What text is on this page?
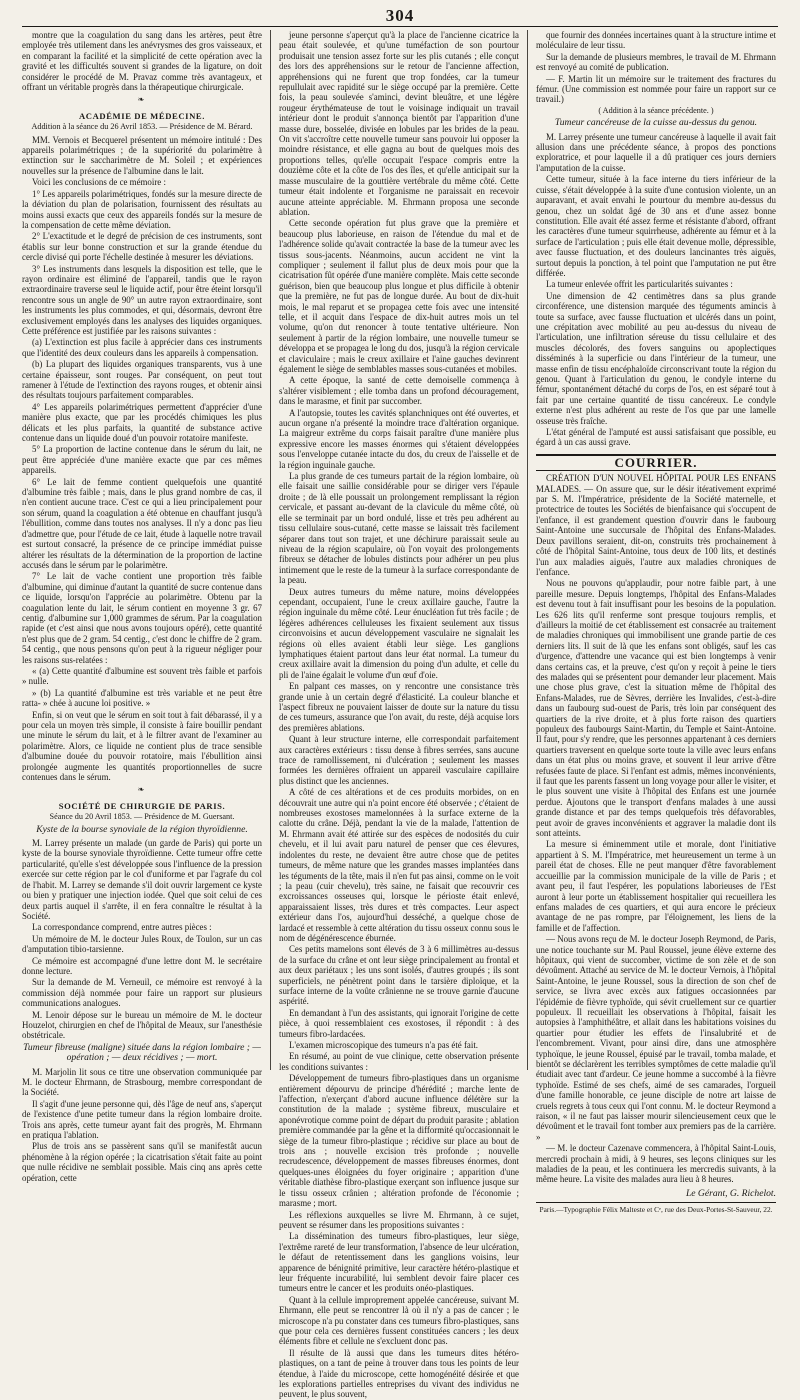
304

montre que la coagulation du sang dans les artères, peut être employée très utilement dans les anévrysmes des gros vaisseaux, et en comparant la facilité et la simplicité de cette opération avec la gravité et les difficultés souvent si grandes de la ligature, on doit considérer le procédé de M. Pravaz comme très avantageux, et offrant un véritable progrès dans la thérapeutique chirurgicale.

❧
ACADÉMIE DE MÉDECINE.
Addition à la séance du 26 Avril 1853. — Présidence de M. Bérard.

MM. Vernois et Becquerel présentent un mémoire intitulé : Des appareils polarimétriques ; de la supériorité du polarimètre à extinction sur le saccharimètre de M. Soleil ; et expériences nouvelles sur la présence de l'albumine dans le lait.

Voici les conclusions de ce mémoire :

1° Les appareils polarimétriques, fondés sur la mesure directe de la déviation du plan de polarisation, fournissent des résultats au moins aussi exacts que ceux des appareils fondés sur la mesure de la compensation de cette même déviation.

2° L'exactitude et le degré de précision de ces instruments, sont établis sur leur bonne construction et sur la grande étendue du cercle divisé qui porte l'échelle destinée à mesurer les déviations.

3° Les instruments dans lesquels la disposition est telle, que le rayon ordinaire est éliminé de l'appareil, tandis que le rayon extraordinaire traverse seul le liquide actif, pour être éteint lorsqu'il rencontre sous un angle de 90° un autre rayon extraordinaire, sont les instruments les plus commodes, et qui, désormais, devront être exclusivement employés dans les analyses des liquides organiques. Cette préférence est justifiée par les raisons suivantes :

(a) L'extinction est plus facile à apprécier dans ces instruments que l'identité des deux couleurs dans les appareils à compensation.

(b) La plupart des liquides organiques transparents, vus à une certaine épaisseur, sont rouges. Par conséquent, on peut tout ramener à l'étude de l'extinction des rayons rouges, et obtenir ainsi des résultats toujours parfaitement comparables.

4° Les appareils polarimétriques permettent d'apprécier d'une manière plus exacte, que par les procédés chimiques les plus délicats et les plus parfaits, la quantité de substance active contenue dans un liquide doué d'un pouvoir rotatoire manifeste.

5° La proportion de lactine contenue dans le sérum du lait, ne peut être appréciée d'une manière exacte que par ces mêmes appareils.

6° Le lait de femme contient quelquefois une quantité d'albumine très faible ; mais, dans le plus grand nombre de cas, il n'en contient aucune trace. C'est ce qui a lieu principalement pour son sérum, quand la coagulation a été obtenue en chauffant jusqu'à l'ébullition, comme dans toutes nos analyses. Il n'y a donc pas lieu d'admettre que, pour l'étude de ce lait, étude à laquelle notre travail est surtout consacré, la présence de ce principe immédiat puisse altérer les résultats de la détermination de la proportion de lactine accusés dans le sérum par le polarimètre.

7° Le lait de vache contient une proportion très faible d'albumine, qui diminue d'autant la quantité de sucre contenue dans ce liquide, lorsqu'on l'apprécie au polarimètre. Obtenu par la coagulation lente du lait, le sérum contient en moyenne 3 gr. 67 centig. d'albumine sur 1,000 grammes de sérum. Par la coagulation rapide (et c'est ainsi que nous avons toujours opéré), cette quantité n'est plus que de 2 gram. 54 centig., c'est donc le chiffre de 2 gram. 54 centig., que nous pensons qu'on peut à la rigueur négliger pour les raisons sus-relatées :

« (a) Cette quantité d'albumine est souvent très faible et parfois » nulle.

» (b) La quantité d'albumine est très variable et ne peut être ratta- » chée à aucune loi positive. »

Enfin, si on veut que le sérum en soit tout à fait débarassé, il y a pour cela un moyen très simple, il consiste à faire bouillir pendant une minute le sérum du lait, et à le filtrer avant de l'examiner au polarimètre. Alors, ce liquide ne contient plus de trace sensible d'albumine douée du pouvoir rotatoire, mais l'ébullition ainsi prolongée augmente les quantités proportionnelles de sucre contenues dans le sérum.

❧
SOCIÉTÉ DE CHIRURGIE DE PARIS.
Séance du 20 Avril 1853. — Présidence de M. Guersant.
Kyste de la bourse synoviale de la région thyroïdienne.

M. Larrey présente un malade (un garde de Paris) qui porte un kyste de la bourse synoviale thyroïdienne. Cette tumeur offre cette particularité, qu'elle s'est développée sous l'influence de la pression exercée sur cette région par le col d'uniforme et par l'agrafe du col de l'habit. M. Larrey se demande s'il doit ouvrir largement ce kyste ou bien y pratiquer une injection iodée. Quel que soit celui de ces deux partis auquel il s'arrête, il en fera connaître le résultat à la Société.

La correspondance comprend, entre autres pièces :

Un mémoire de M. le docteur Jules Roux, de Toulon, sur un cas d'amputation tibio-tarsienne.

Ce mémoire est accompagné d'une lettre dont M. le secrétaire donne lecture.

Sur la demande de M. Verneuil, ce mémoire est renvoyé à la commission déjà nommée pour faire un rapport sur plusieurs communications analogues.

M. Lenoir dépose sur le bureau un mémoire de M. le docteur Houzelot, chirurgien en chef de l'hôpital de Meaux, sur l'anesthésie obstétricale.

Tumeur fibreuse (maligne) située dans la région lombaire ; — opération ; — deux récidives ; — mort.

M. Marjolin lit sous ce titre une observation communiquée par M. le docteur Ehrmann, de Strasbourg, membre correspondant de la Société.

Il s'agit d'une jeune personne qui, dès l'âge de neuf ans, s'aperçut de l'existence d'une petite tumeur dans la région lombaire droite. Trois ans après, cette tumeur ayant fait des progrès, M. Ehrmann en pratiqua l'ablation.

Plus de trois ans se passèrent sans qu'il se manifestât aucun phénomène à la région opérée ; la cicatrisation s'était faite au point que nulle récidive ne semblait possible. Mais cinq ans après cette opération, cette

jeune personne s'aperçut qu'à la place de l'ancienne cicatrice la peau était soulevée, et qu'une tuméfaction de son pourtour produisait une tension assez forte sur les plis cutanés ; elle conçut des lors des appréhensions sur le retour de l'ancienne affection, appréhensions qui ne furent que trop fondées, car la tumeur repullulait avec rapidité sur le siège occupé par la première. Cette fois, la peau soulevée s'aminci, devint bleuâtre, et une légère rougeur érythémateuse de tout le voisinage indiquait un travail intérieur dont le produit s'annonça bientôt par l'apparition d'une masse dure, bosselée, divisée en lobules par les brides de la peau. On vit s'accroître cette nouvelle tumeur sans pouvoir lui opposer la moindre résistance, et elle gagna au bout de quelques mois des proportions telles, qu'elle occupait l'espace compris entre la douzième côte et la côte de l'os des îles, et qu'elle anticipait sur la masse musculaire de la gouttière vertébrale du même côté. Cette tumeur était indolente et l'organisme ne paraissait en recevoir aucune atteinte appréciable. M. Ehrmann proposa une seconde ablation.

Cette seconde opération fut plus grave que la première et beaucoup plus laborieuse, en raison de l'étendue du mal et de l'adhérence solide qu'avait contractée la base de la tumeur avec les tissus sous-jacents. Néanmoins, aucun accident ne vint la compliquer ; seulement il fallut plus de deux mois pour que la cicatrisation fût opérée d'une manière complète. Mais cette seconde guérison, bien que beaucoup plus longue et plus difficile à obtenir que la première, ne fut pas de longue durée. Au bout de dix-huit mois, le mal reparut et se propagea cette fois avec une intensité telle, et il acquit dans l'espace de dix-huit autres mois un tel volume, qu'on dut renoncer à toute tentative ultérieure. Non seulement à partir de la région lombaire, une nouvelle tumeur se développa et se propagea le long du dos, jusqu'à la région cervicale et claviculaire ; mais le creux axillaire et l'aine gauches devinrent également le siège de semblables masses sous-cutanées et mobiles.

A cette époque, la santé de cette demoiselle commença à s'altérer visiblement ; elle tomba dans un profond découragement, dans le marasme, et finit par succomber.

A l'autopsie, toutes les cavités splanchniques ont été ouvertes, et aucun organe n'a présenté la moindre trace d'altération organique. La maigreur extrême du corps faisait paraître d'une manière plus expressive encore les masses énormes qui s'étaient développées sous l'enveloppe cutanée intacte du dos, du creux de l'aisselle et de la région inguinale gauche.

La plus grande de ces tumeurs partait de la région lombaire, où elle faisait une saillie considérable pour se diriger vers l'épaule droite ; de là elle poussait un prolongement remplissant la région cervicale, et passant au-devant de la clavicule du même côté, où elle se terminait par un bord ondulé, lisse et très peu adhérent au tissu cellulaire sous-cutané, cette masse se laissait très facilement séparer dans tout son trajet, et une déchirure paraissait seule au niveau de la région scapulaire, où l'on voyait des prolongements fibreux se détacher de lobules distincts pour adhérer un peu plus intimement que le reste de la tumeur à la surface correspondante de la peau.

Deux autres tumeurs du même nature, moins développées cependant, occupaient, l'une le creux axillaire gauche, l'autre la région inguinale du même côté. Leur énucléation fut très facile ; de légères adhérences celluleuses les fixaient seulement aux tissus circonvoisins et aucun développement vasculaire ne signalait les régions où elles avaient établi leur siège. Les ganglions lymphatiques étaient partout dans leur état normal. La tumeur du creux axillaire avait la dimension du poing d'un adulte, et celle du pli de l'aine égalait le volume d'un œuf d'oie.

En palpant ces masses, on y rencontre une consistance très grande unie à un certain degré d'élasticité. La couleur blanche et l'aspect fibreux ne pouvaient laisser de doute sur la nature du tissu de ces tumeurs, assurance que l'on avait, du reste, déjà acquise lors des premières ablations.

Quant à leur structure interne, elle correspondait parfaitement aux caractères extérieurs : tissu dense à fibres serrées, sans aucune trace de ramollissement, ni d'ulcération ; seulement les masses formées les dernières offraient un appareil vasculaire capillaire plus distinct que les anciennes.

A côté de ces altérations et de ces produits morbides, on en découvrait une autre qui n'a point encore été observée ; c'étaient de nombreuses exostoses mamelonnées à la surface externe de la calotte du crâne. Déjà, pendant la vie de la malade, l'attention de M. Ehrmann avait été attirée sur des espèces de nodosités du cuir chevelu, et il lui avait paru naturel de penser que ces élevures, indolentes du reste, ne devaient être autre chose que de petites tumeurs, de même nature que les grandes masses implantées dans les téguments de la tête, mais il n'en fut pas ainsi, comme on le voit ; la peau (cuir chevelu), très saine, ne faisait que recouvrir ces excroissances osseuses qui, lorsque le périoste était enlevé, apparaissaient lisses, très dures et très compactes. Leur aspect extérieur dans l'os, aujourd'hui desséché, a quelque chose de lardacé et ressemble à cette altération du tissu osseux connu sous le nom de dégénérescence éburnée.

Ces petits mamelons sont élevés de 3 à 6 millimètres au-dessus de la surface du crâne et ont leur siège principalement au frontal et aux deux pariétaux ; les uns sont isolés, d'autres groupés ; ils sont superficiels, ne pénètrent point dans le tarsière diploïque, et la surface interne de la voûte crânienne ne se trouve garnie d'aucune aspérité.

En demandant à l'un des assistants, qui ignorait l'origine de cette pièce, à quoi ressemblaient ces exostoses, il répondit : à des tumeurs fibro-lardacées.

L'examen microscopique des tumeurs n'a pas été fait.

En résumé, au point de vue clinique, cette observation présente les conditions suivantes :

Développement de tumeurs fibro-plastiques dans un organisme entièrement dépourvu de principe d'hérédité ; marche lente de l'affection, n'exerçant d'abord aucune influence délétère sur la constitution de la malade ; système fibreux, musculaire et aponévrotique comme point de départ du produit parasite ; ablation première commandée par la gêne et la difformité qu'occasionnait le siège de la tumeur fibro-plastique ; récidive sur place au bout de trois ans ; nouvelle excision très profonde ; nouvelle recrudescence, développement de masses fibreuses énormes, dont quelques-unes éloignées du foyer originaire ; apparition d'une véritable diathèse fibro-plastique exerçant son influence jusque sur le tissu osseux crânien ; altération profonde de l'économie ; marasme ; mort.

Les réflexions auxquelles se livre M. Ehrmann, à ce sujet, peuvent se résumer dans les propositions suivantes :

La dissémination des tumeurs fibro-plastiques, leur siège, l'extrême rareté de leur transformation, l'absence de leur ulcération, le défaut de retentissement dans les ganglions voisins, leur apparence de bénignité primitive, leur caractère hétéro-plastique et leur fréquente incurabilité, lui semblent devoir faire placer ces tumeurs entre le cancer et les produits onéo-plastiques.

Quant à la cellule improprement appelée cancéreuse, suivant M. Ehrmann, elle peut se rencontrer là où il n'y a pas de cancer ; le microscope n'a pu constater dans ces tumeurs fibro-plastiques, sans que pour cela ces dernières fussent constituées cancers ; les deux éléments fibre et cellule ne s'excluent donc pas.

Il résulte de là aussi que dans les tumeurs dites hétéro-plastiques, on a tant de peine à trouver dans tous les points de leur étendue, à l'aide du microscope, cette homogénéité désirée et que les explorations partielles entreprises du vivant des individus ne peuvent, le plus souvent,

que fournir des données incertaines quant à la structure intime et moléculaire de leur tissu.

Sur la demande de plusieurs membres, le travail de M. Ehrmann est renvoyé au comité de publication.

— F. Martin lit un mémoire sur le traitement des fractures du fémur. (Une commission est nommée pour faire un rapport sur ce travail.)

( Addition à la séance précédente. )
Tumeur cancéreuse de la cuisse au-dessus du genou.

M. Larrey présente une tumeur cancéreuse à laquelle il avait fait allusion dans une précédente séance, à propos des ponctions exploratrice, et pour laquelle il a dû pratiquer ces jours derniers l'amputation de la cuisse.

Cette tumeur, située à la face interne du tiers inférieur de la cuisse, s'était développée à la suite d'une contusion violente, un an auparavant, et avait envahi le pourtour du membre au-dessus du genou, chez un soldat âgé de 30 ans et d'une assez bonne constitution. Elle avait été assez ferme et résistante d'abord, offrant les caractères d'une tumeur squirrheuse, adhérente au fémur et à la surface de l'articulation ; puis elle était devenue molle, dépressible, avec fausse fluctuation, et des douleurs lancinantes très aiguës, surtout depuis la ponction, à tel point que l'amputation ne put être différée.

La tumeur enlevée offrit les particularités suivantes :

Une dimension de 42 centimètres dans sa plus grande circonférence, une distension marquée des téguments amincis à toute sa surface, avec fausse fluctuation et ulcérés dans un point, une crépitation avec mobilité au peu au-dessus du niveau de l'articulation, une infiltration séreuse du tissu cellulaire et des muscles décolorés, des fovers sanguins ou apoplectiques disséminés à la superficie ou dans l'intérieur de la tumeur, une masse enfin de tissu encéphaloïde circonscrivant toute la région du genou. Quant à l'articulation du genou, le condyle interne du fémur, spontanément détaché du corps de l'os, en est séparé tout à fait par une certaine quantité de tissu cancéreux. Le condyle externe n'est plus adhérent au reste de l'os que par une lamelle osseuse très fraîche.

L'état général de l'amputé est aussi satisfaisant que possible, eu égard à un cas aussi grave.

COURRIER.

CRÉATION D'UN NOUVEL HÔPITAL POUR LES ENFANS MALADES. — On assure que, sur le désir itérativement exprimé par S. M. l'Impératrice, présidente de la Société maternelle, et protectrice de toutes les Sociétés de bienfaisance qui s'occupent de l'enfance, il est grandement question d'ouvrir dans le faubourg Saint-Antoine une succursale de l'hôpital des Enfans-Malades. Deux pavillons seraient, dit-on, construits très prochainement à côté de l'hôpital Saint-Antoine, tous deux de 100 lits, et destinés l'un aux maladies aiguës, l'autre aux maladies chroniques de l'enfance.

Nous ne pouvons qu'applaudir, pour notre faible part, à une pareille mesure. Depuis longtemps, l'hôpital des Enfans-Malades est devenu tout à fait insuffisant pour les besoins de la population. Les 626 lits qu'il renferme sont presque toujours remplis, et d'ailleurs la moitié de cet établissement est consacrée au traitement de maladies chroniques qui immobilisent une grande partie de ces derniers lits. Il suit de là que les enfans sont obligés, sauf les cas d'urgence, d'attendre une vacance qui est bien longtemps à venir dans certains cas, et la preuve, c'est qu'on y reçoit à peine le tiers des malades qui se présentent pour demander leur placement. Mais une chose plus grave, c'est la situation même de l'hôpital des Enfans-Malades, rue de Sèvres, derrière les Invalides, c'est-à-dire dans un faubourg sud-ouest de Paris, très loin par conséquent des quartiers de la rive droite, et à plus forte raison des quartiers populeux des faubourgs Saint-Martin, du Temple et Saint-Antoine. Il faut, pour s'y rendre, que les personnes appartenant à ces derniers quartiers traversent en quelque sorte toute la ville avec leurs enfans dans un état plus ou moins grave, et souvent il leur arrive d'être refusées faute de place. Si l'enfant est admis, mêmes inconvénients, il faut que les parents fassent un long voyage pour aller le visiter, et le plus souvent une visite à l'hôpital des Enfans est une journée perdue. Ajoutons que le transport d'enfans malades à une aussi grande distance et par des temps quelquefois très défavorables, peut avoir de graves inconvénients et aggraver la maladie dont ils sont atteints.

La mesure si éminemment utile et morale, dont l'initiative appartient à S. M. l'Impératrice, met heureusement un terme à un pareil état de choses. Elle ne peut manquer d'être favorablement accueillie par la commission municipale de la ville de Paris ; et avant peu, il faut l'espérer, les populations laborieuses de l'Est auront à leur porte un établissement hospitalier qui recueillera les enfans malades de ces quartiers, et qui aura encore le précieux avantage de ne pas rompre, par l'éloignement, les liens de la famille et de l'affection.

— Nous avons reçu de M. le docteur Joseph Reymond, de Paris, une notice touchante sur M. Paul Roussel, jeune élève externe des hôpitaux, qui vient de succomber, victime de son zèle et de son dévoûment. Attaché au service de M. le docteur Vernois, à l'hôpital Saint-Antoine, le jeune Roussel, sous la direction de son chef de service, se livra avec excès aux fatigues occasionnées par l'épidémie de fièvre typhoïde, qui sévit cruellement sur ce quartier populeux. Il recueillait les observations à l'hôpital, faisait les autopsies à l'amphithéâtre, et allait dans les habitations voisines du quartier pour étudier les effets de l'insalubrité et de l'encombrement. Vivant, pour ainsi dire, dans une atmosphère typhoïque, le jeune Roussel, épuisé par le travail, tomba malade, et bientôt se déclarèrent les terribles symptômes de cette maladie qu'il étudiait avec tant d'ardeur. Ce jeune homme a succombé à la fièvre typhoïde. Estimé de ses chefs, aimé de ses camarades, l'orgueil d'une famille honorable, ce jeune disciple de notre art laisse de cruels regrets à tous ceux qui l'ont connu. M. le docteur Reymond a raison, « il ne faut pas laisser mourir silencieusement ceux que le dévoûment et le travail font tomber aux premiers pas de la carrière. »

— M. le docteur Cazenave commencera, à l'hôpital Saint-Louis, mercredi prochain à midi, à 9 heures, ses leçons cliniques sur les maladies de la peau, et les continuera les mercredis suivants, à la même heure. La visite des malades aura lieu à 8 heures.

Le Gérant, G. Richelot.
Paris.—Typographie Félix Malteste et Cᵉ, rue des Deux-Portes-St-Sauveur, 22.
